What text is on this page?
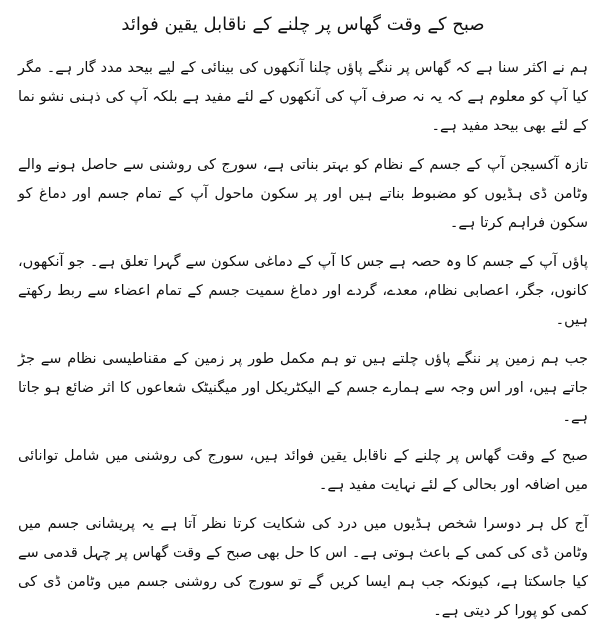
صبح کے وقت گھاس پر چلنے کے ناقابل یقین فوائد

ہم نے اکثر سنا ہے کہ گھاس پر ننگے پاؤں چلنا آنکھوں کی بینائی کے لیے بیحد مدد گار ہے۔ مگر کیا آپ کو معلوم ہے کہ یہ نہ صرف آپ کی آنکھوں کے لئے مفید ہے بلکہ آپ کی ذہنی نشو نما کے لئے بھی بیحد مفید ہے۔

تازہ آکسیجن آپ کے جسم کے نظام کو بہتر بناتی ہے، سورج کی روشنی سے حاصل ہونے والے وٹامن ڈی ہڈیوں کو مضبوط بناتے ہیں اور پر سکون ماحول آپ کے تمام جسم اور دماغ کو سکون فراہم کرتا ہے۔

پاؤں آپ کے جسم کا وہ حصہ ہے جس کا آپ کے دماغی سکون سے گہرا تعلق ہے۔ جو آنکھوں، کانوں، جگر، اعصابی نظام، معدے، گردے اور دماغ سمیت جسم کے تمام اعضاء سے ربط رکھتے ہیں۔

جب ہم زمین پر ننگے پاؤں چلتے ہیں تو ہم مکمل طور پر زمین کے مقناطیسی نظام سے جڑ جاتے ہیں، اور اس وجہ سے ہمارے جسم کے الیکٹریکل اور میگنیٹک شعاعوں کا اثر ضائع ہو جاتا ہے۔

صبح کے وقت گھاس پر چلنے کے ناقابل یقین فوائد ہیں، سورج کی روشنی میں شامل توانائی میں اضافہ اور بحالی کے لئے نہایت مفید ہے۔

آج کل ہر دوسرا شخص ہڈیوں میں درد کی شکایت کرتا نظر آتا ہے یہ پریشانی جسم میں وٹامن ڈی کی کمی کے باعث ہوتی ہے۔ اس کا حل بھی صبح کے وقت گھاس پر چہل قدمی سے کیا جاسکتا ہے، کیونکہ جب ہم ایسا کریں گے تو سورج کی روشنی جسم میں وٹامن ڈی کی کمی کو پورا کر دیتی ہے۔
